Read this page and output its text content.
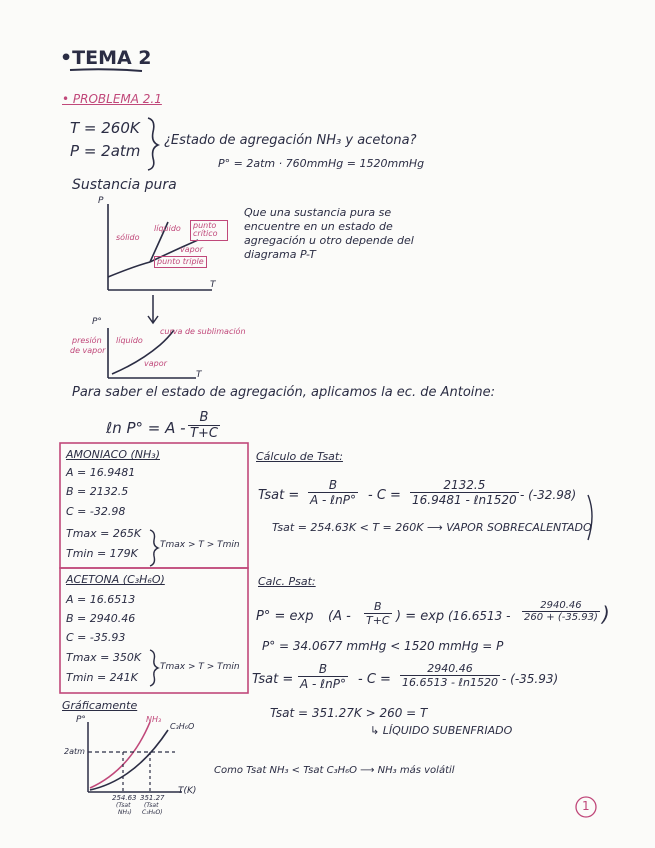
•TEMA 2
• PROBLEMA 2.1
T = 260K
P = 2atm
¿Estado de agregación NH₃ y acetona?
P° = 2atm · 760mmHg = 1520mmHg
Sustancia pura
P
T
sólido
líquido	punto crítico
vapor
punto triple
Que una sustancia pura se
encuentre en un estado de
agregación u otro depende del
diagrama P-T
P°
presión
de vapor
líquido
curva de sublimación
vapor
T
Para saber el estado de agregación, aplicamos la ec. de Antoine:
ℓn $P^\circ = A - \frac{B}{T+C}$
AMONIACO (NH₃)
A = 16.9481
B = 2132.5
C = -32.98
Tmax = 265K
Tmin = 179K
Tmax > T > Tmin
Cálculo de Tsat:
Tsat =
B
A - ℓnP° - C =
2132.5
16.9481 - ℓn1520 - (-32.98)
Tsat = 254.63K < T = 260K ⟶ VAPOR SOBRECALENTADO
ACETONA (C₃H₆O)
A = 16.6513
B = 2940.46
C = -35.93
Tmax = 350K
Tmin = 241K
Tmax > T > Tmin
Calc. Psat:
$P^\circ = \exp (A - \frac{B}{T+C}$ ) = $\exp (16.6513 - \frac{2940.46}{260 + (-35.93)}$ )
P° = 34.0677 mmHg < 1520 mmHg = P
Tsat =
B
A - ℓnP° - C =
2940.46
16.6513 - ℓn1520 - (-35.93)
Tsat = 351.27K > 260 = T
↳ LÍQUIDO SUBENFRIADO
Gráficamente
P°	NH₃
C₃H₆O
2atm
254.63
(Tsat
NH₃)
351.27
(Tsat
C₃H₆O)
T(K)
Como Tsat NH₃ < Tsat C₃H₆O ⟶ NH₃ más volátil
1
